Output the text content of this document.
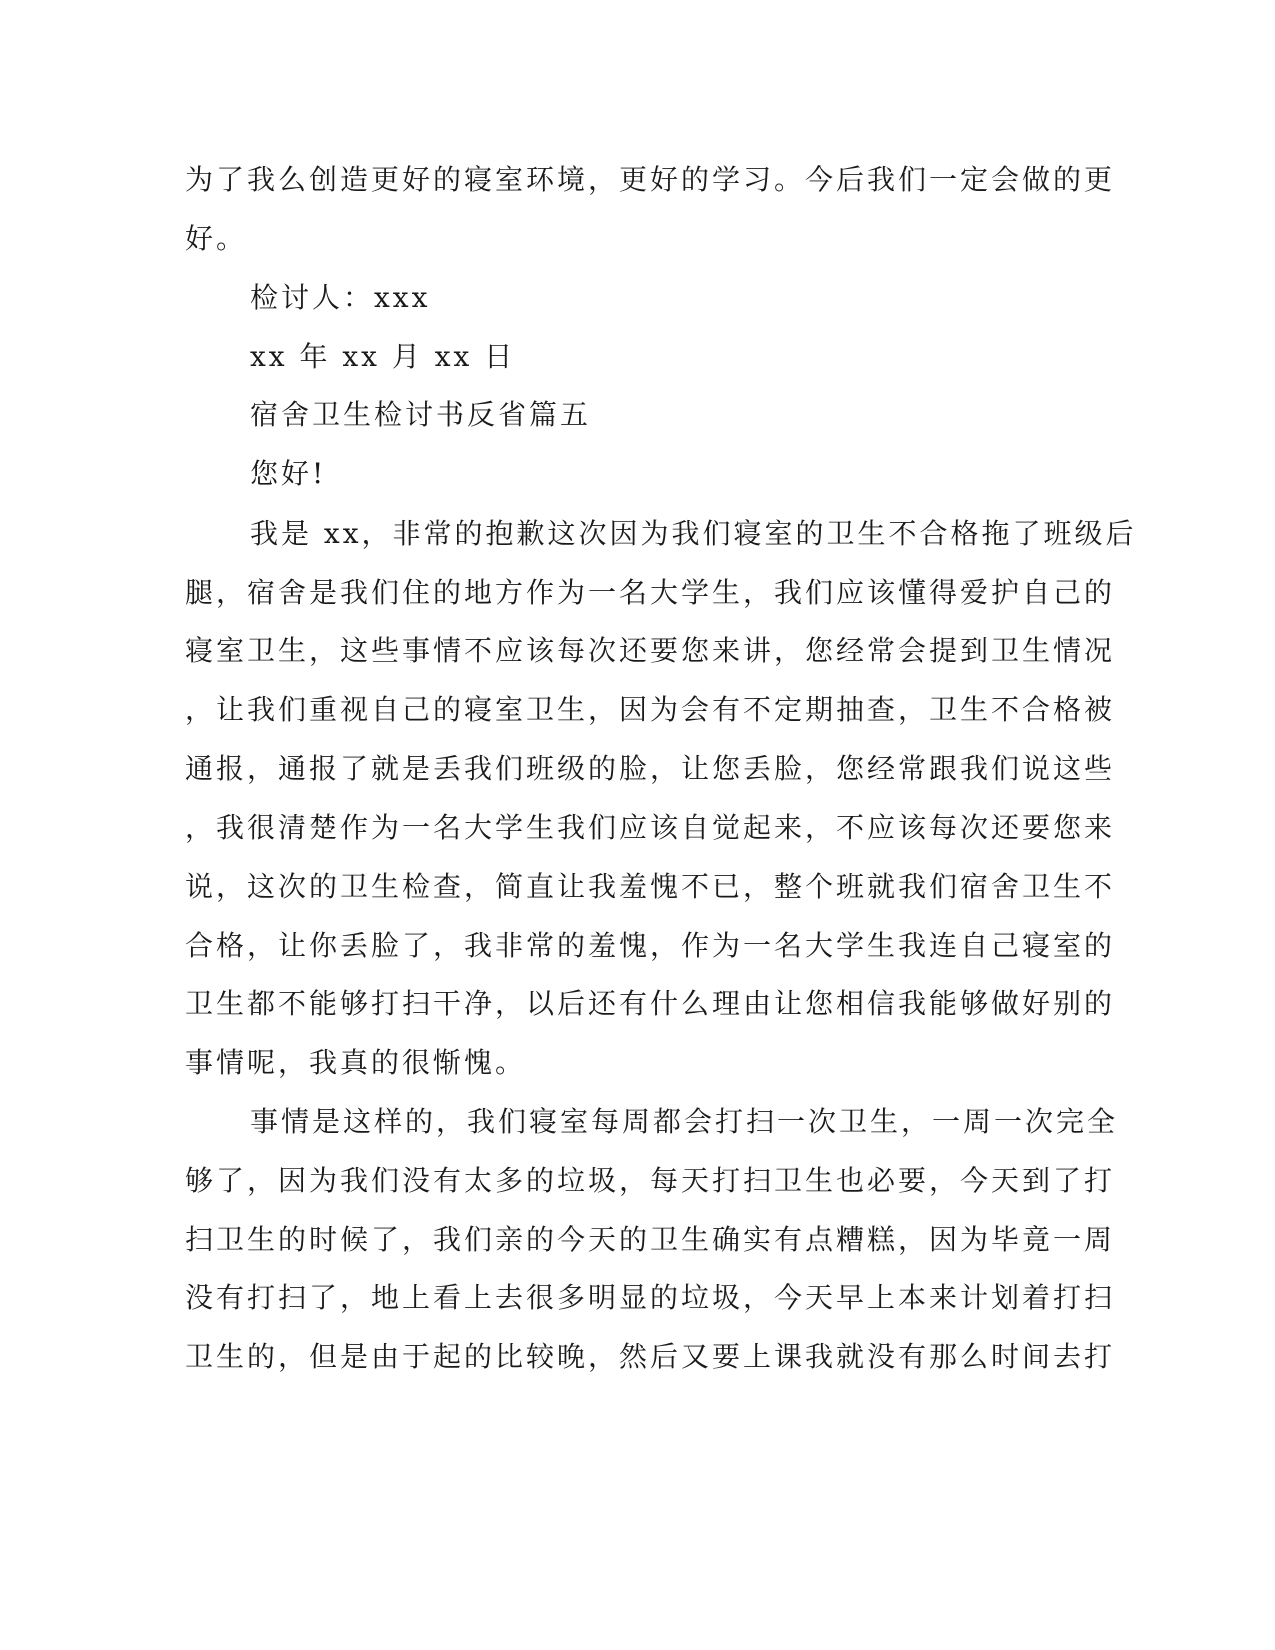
为了我么创造更好的寝室环境，更好的学习。今后我们一定会做的更
好。
检讨人：xxx
xx 年 xx 月 xx 日
宿舍卫生检讨书反省篇五
您好!
我是 xx，非常的抱歉这次因为我们寝室的卫生不合格拖了班级后
腿，宿舍是我们住的地方作为一名大学生，我们应该懂得爱护自己的
寝室卫生，这些事情不应该每次还要您来讲，您经常会提到卫生情况
，让我们重视自己的寝室卫生，因为会有不定期抽查，卫生不合格被
通报，通报了就是丢我们班级的脸，让您丢脸，您经常跟我们说这些
，我很清楚作为一名大学生我们应该自觉起来，不应该每次还要您来
说，这次的卫生检查，简直让我羞愧不已，整个班就我们宿舍卫生不
合格，让你丢脸了，我非常的羞愧，作为一名大学生我连自己寝室的
卫生都不能够打扫干净，以后还有什么理由让您相信我能够做好别的
事情呢，我真的很惭愧。
事情是这样的，我们寝室每周都会打扫一次卫生，一周一次完全
够了，因为我们没有太多的垃圾，每天打扫卫生也必要，今天到了打
扫卫生的时候了，我们亲的今天的卫生确实有点糟糕，因为毕竟一周
没有打扫了，地上看上去很多明显的垃圾，今天早上本来计划着打扫
卫生的，但是由于起的比较晚，然后又要上课我就没有那么时间去打
